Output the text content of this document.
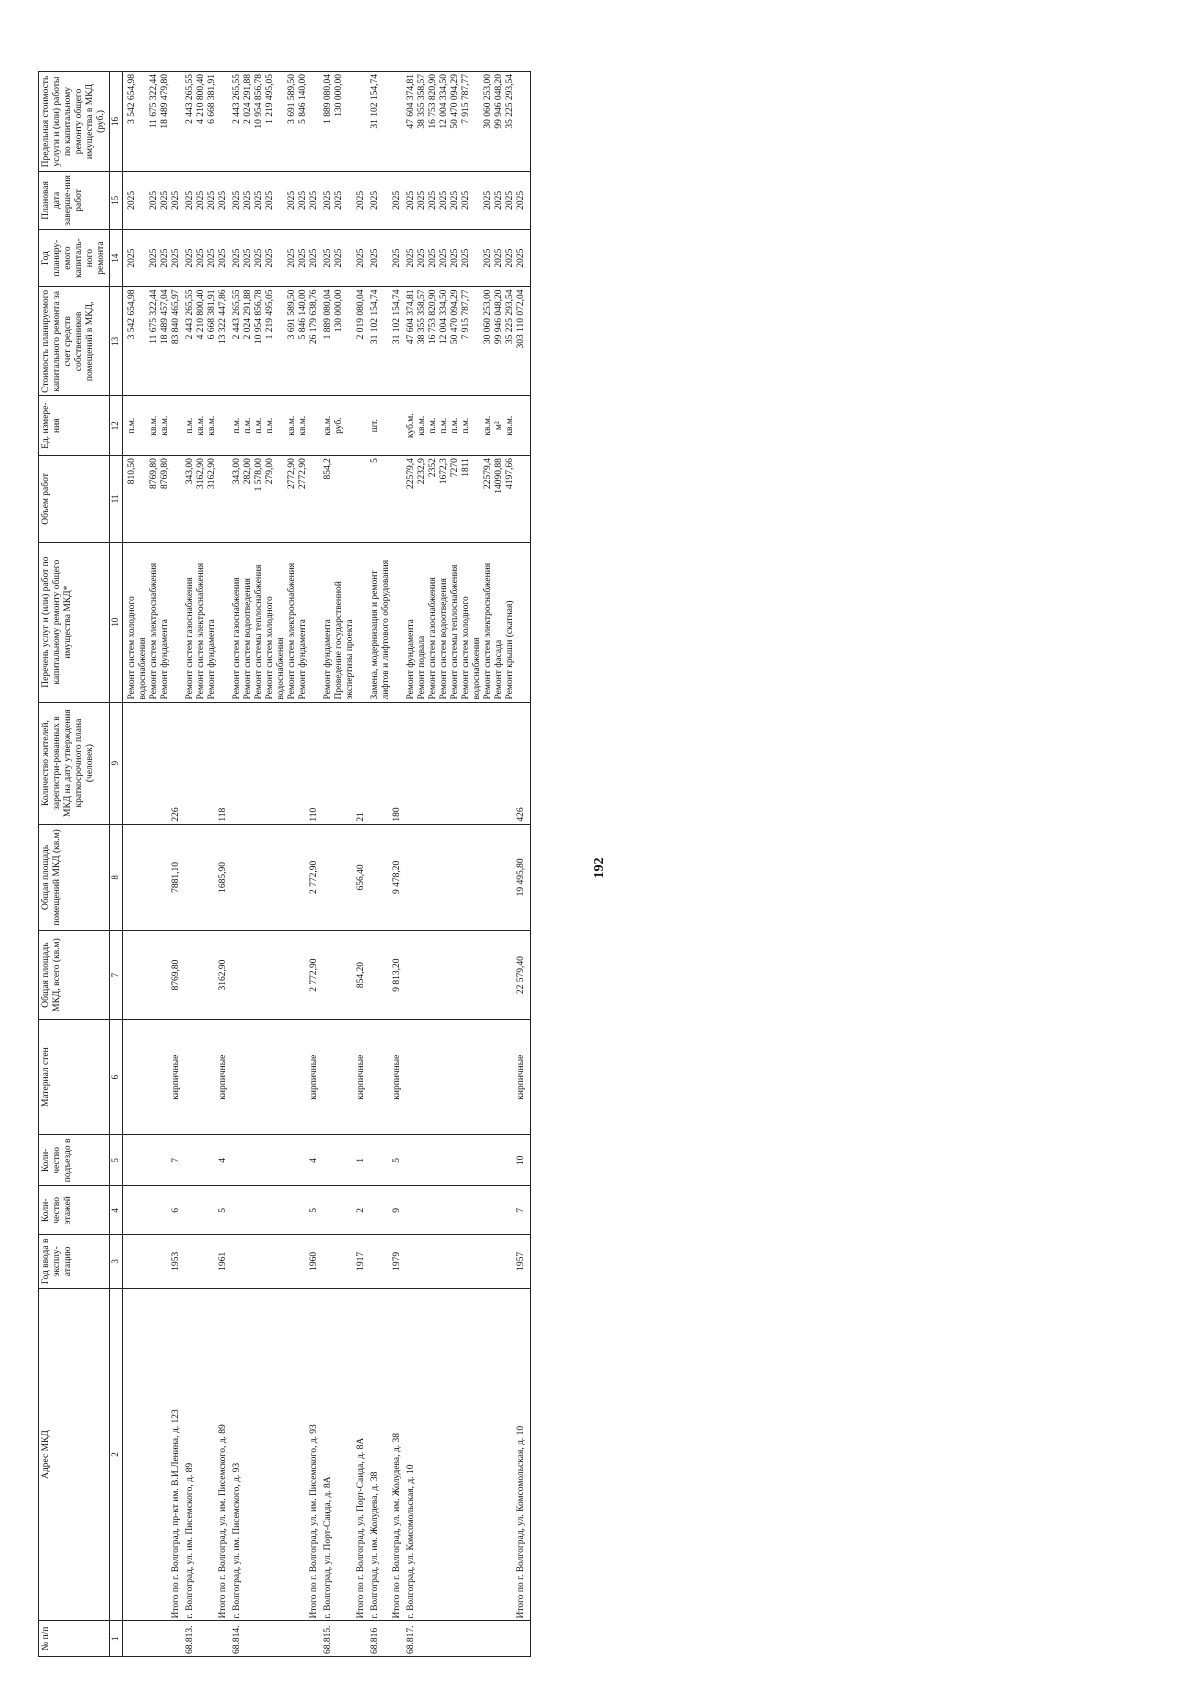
192
№ п/п	Адрес МКД	Год ввода в эксплу-атацию	Коли-чество этажей	Коли-чество подъездо в	Материал стен	Общая площадь МКД, всего (кв.м)	Общая площадь помещений МКД (кв.м)	Количество жителей, зарегистри-рованных в МКД на дату утверждения краткосрочного плана (человек)	Перечень услуг и (или) работ по капитальному ремонту общего имущества МКД*	Объем работ	Ед. измере-ния	Стоимость планируемого капитального ремонта за счет средств собственников помещений в МКД,	Год планиру-емого капиталь-ного ремонта	Плановая дата заверше-ния работ	Предельная стоимость услуги и (или) работы по капитальному ремонту общего имущества в МКД (руб.)
1	2	3	4	5	6	7	8	9	10	11	12	13	14	15	16
									Ремонт систем холодного водоснабжения	810,50	п.м.	3 542 654,98	2025	2025	3 542 654,98
									Ремонт систем электроснабжения	8769,80	кв.м.	11 675 322,44	2025	2025	11 675 322,44
									Ремонт фундамента	8769,80	кв.м.	18 489 457,04	2025	2025	18 489 479,80
	Итого по г. Волгоград, пр-кт им. В.И.Ленина, д. 123	1953	6	7	кирпичные	8769,80	7881,10	226				83 840 465,97	2025	2025	
68.813.	г. Волгоград, ул. им. Писемского, д. 89								Ремонт систем газоснабжения	343,00	п.м.	2 443 265,55	2025	2025	2 443 265,55
									Ремонт систем электроснабжения	3162,90	кв.м.	4 210 800,40	2025	2025	4 210 800,40
									Ремонт фундамента	3162,90	кв.м.	6 668 381,91	2025	2025	6 668 381,91
	Итого по г. Волгоград, ул. им. Писемского, д. 89	1961	5	4	кирпичные	3162,90	1685,90	118				13 322 447,86	2025	2025	
68.814.	г. Волгоград, ул. им. Писемского, д. 93								Ремонт систем газоснабжения	343,00	п.м.	2 443 265,55	2025	2025	2 443 265,55
									Ремонт систем водоотведения	282,00	п.м.	2 024 291,88	2025	2025	2 024 291,88
									Ремонт системы теплоснабжения	1 578,00	п.м.	10 954 856,78	2025	2025	10 954 856,78
									Ремонт систем холодного водоснабжения	279,00	п.м.	1 219 495,05	2025	2025	1 219 495,05
									Ремонт систем электроснабжения	2772,90	кв.м.	3 691 589,50	2025	2025	3 691 589,50
									Ремонт фундамента	2772,90	кв.м.	5 846 140,00	2025	2025	5 846 140,00
	Итого по г. Волгоград, ул. им. Писемского, д. 93	1960	5	4	кирпичные	2 772,90	2 772,90	110				26 179 638,76	2025	2025	
68.815.	г. Волгоград, ул. Порт-Саида, д. 8А								Ремонт фундамента	854,2	кв.м.	1 889 080,04	2025	2025	1 889 080,04
									Проведение государственной экспертизы проекта		руб.	130 000,00	2025	2025	130 000,00
	Итого по г. Волгоград, ул. Порт-Саида, д. 8А	1917	2	1	кирпичные	854,20	656,40	21				2 019 080,04	2025	2025	
68.816	г. Волгоград, ул. им. Жолудева, д. 38								Замена, модернизация и ремонт лифтов и лифтового оборудования	5	шт.	31 102 154,74	2025	2025	31 102 154,74
	Итого по г. Волгоград, ул. им. Жолудева, д. 38	1979	9	5	кирпичные	9 813,20	9 478,20	180				31 102 154,74	2025	2025	
68.817.	г. Волгоград, ул. Комсомольская, д. 10								Ремонт фундамента	22579,4	куб.м.	47 604 374,81	2025	2025	47 604 374,81
									Ремонт подвала	2232,9	кв.м.	38 355 358,57	2025	2025	38 355 358,57
									Ремонт систем газоснабжения	2352	п.м.	16 753 820,90	2025	2025	16 753 820,90
									Ремонт систем водоотведения	1672,3	п.м.	12 004 334,50	2025	2025	12 004 334,50
									Ремонт системы теплоснабжения	7270	п.м.	50 470 094,29	2025	2025	50 470 094,29
									Ремонт систем холодного водоснабжения	1811	п.м.	7 915 787,77	2025	2025	7 915 787,77
									Ремонт систем электроснабжения	22579,4	кв.м.	30 060 253,00	2025	2025	30 060 253,00
									Ремонт фасада	14090,88	м²	99 946 048,20	2025	2025	99 946 048,20
									Ремонт крыши (скатная)	4197,66	кв.м.	35 225 293,54	2025	2025	35 225 293,54
	Итого по г. Волгоград, ул. Комсомольская, д. 10	1957	7	10	кирпичные	22 579,40	19 495,80	426				303 110 072,04	2025	2025	
